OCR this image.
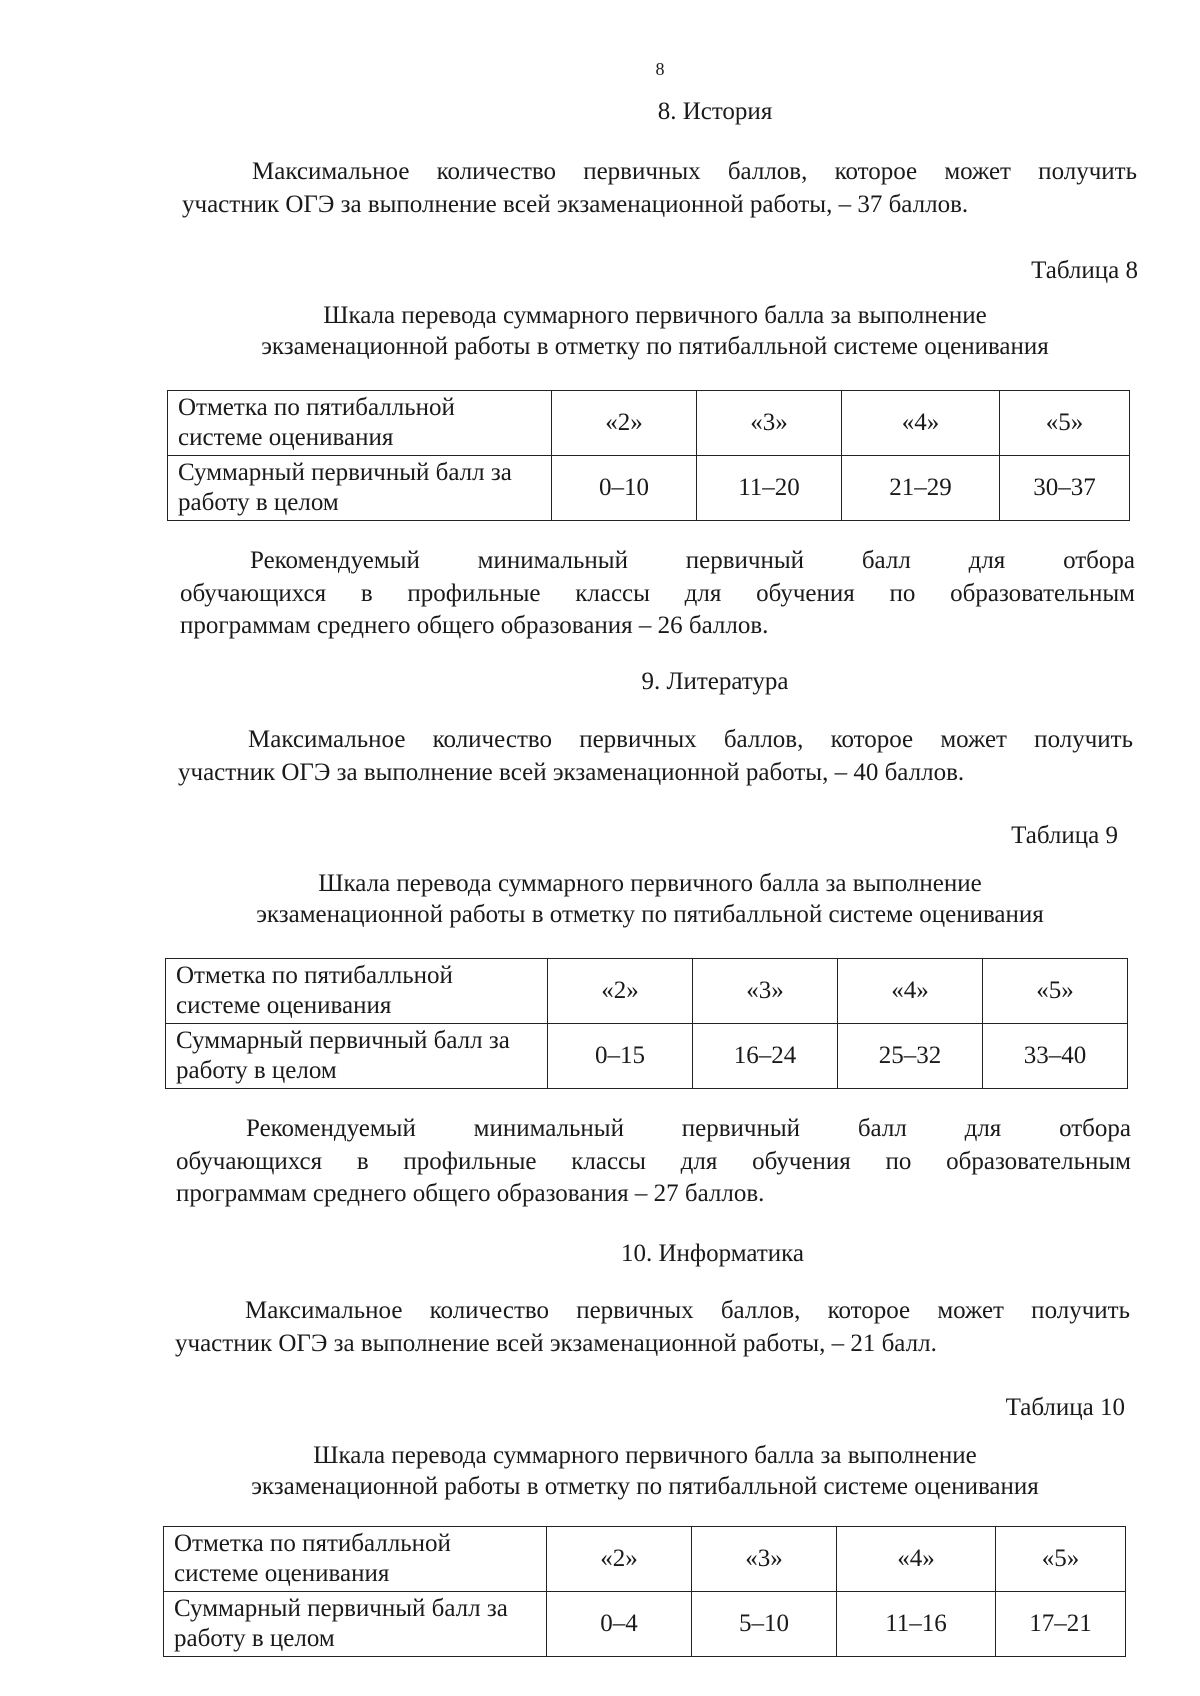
8
8. История
Максимальное количество первичных баллов, которое может получить
участник ОГЭ за выполнение всей экзаменационной работы, – 37 баллов.
Таблица 8
Шкала перевода суммарного первичного балла за выполнение
экзаменационной работы в отметку по пятибалльной системе оценивания
Отметка по пятибалльной системе оценивания	«2»	«3»	«4»	«5»
Суммарный первичный балл за работу в целом	0–10	11–20	21–29	30–37
Рекомендуемый минимальный первичный балл для отбора
обучающихся в профильные классы для обучения по образовательным
программам среднего общего образования – 26 баллов.
9. Литература
Максимальное количество первичных баллов, которое может получить
участник ОГЭ за выполнение всей экзаменационной работы, – 40 баллов.
Таблица 9
Шкала перевода суммарного первичного балла за выполнение
экзаменационной работы в отметку по пятибалльной системе оценивания
Отметка по пятибалльной системе оценивания	«2»	«3»	«4»	«5»
Суммарный первичный балл за работу в целом	0–15	16–24	25–32	33–40
Рекомендуемый минимальный первичный балл для отбора
обучающихся в профильные классы для обучения по образовательным
программам среднего общего образования – 27 баллов.
10. Информатика
Максимальное количество первичных баллов, которое может получить
участник ОГЭ за выполнение всей экзаменационной работы, – 21 балл.
Таблица 10
Шкала перевода суммарного первичного балла за выполнение
экзаменационной работы в отметку по пятибалльной системе оценивания
Отметка по пятибалльной системе оценивания	«2»	«3»	«4»	«5»
Суммарный первичный балл за работу в целом	0–4	5–10	11–16	17–21
